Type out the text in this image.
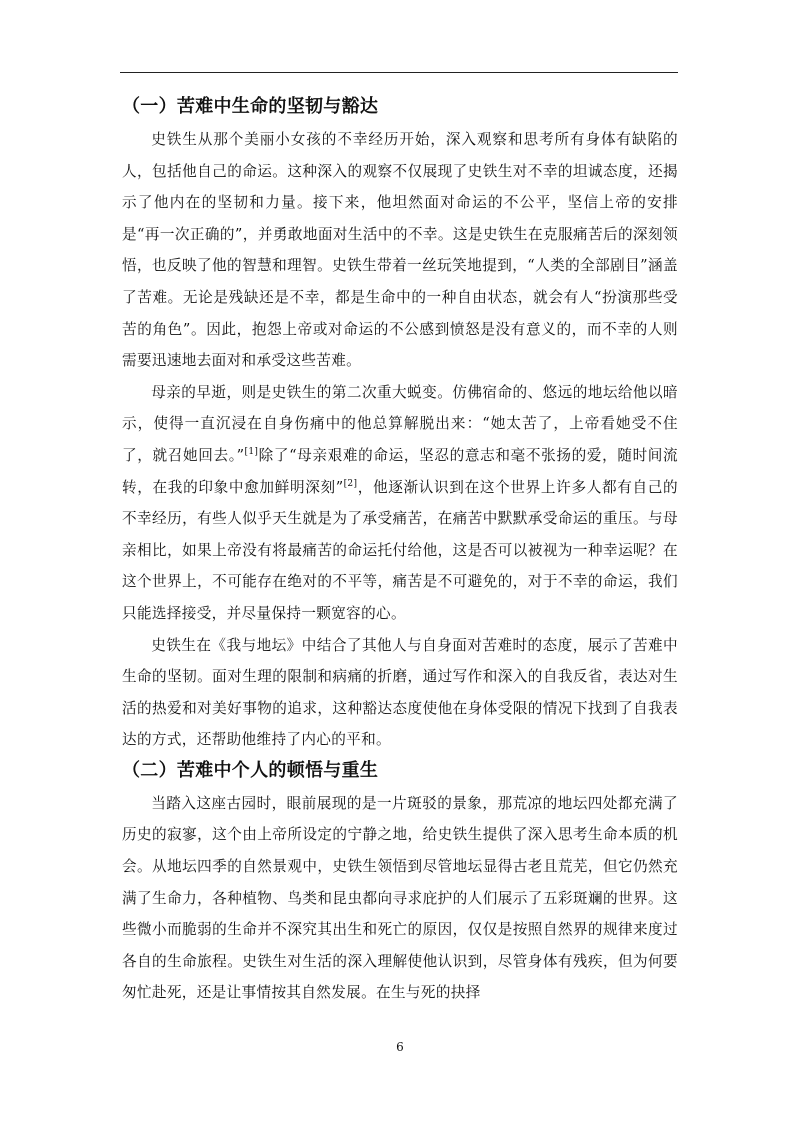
（一）苦难中生命的坚韧与豁达

史铁生从那个美丽小女孩的不幸经历开始，深入观察和思考所有身体有缺陷的人，包括他自己的命运。这种深入的观察不仅展现了史铁生对不幸的坦诚态度，还揭示了他内在的坚韧和力量。接下来，他坦然面对命运的不公平，坚信上帝的安排是“再一次正确的”，并勇敢地面对生活中的不幸。这是史铁生在克服痛苦后的深刻领悟，也反映了他的智慧和理智。史铁生带着一丝玩笑地提到，“人类的全部剧目”涵盖了苦难。无论是残缺还是不幸，都是生命中的一种自由状态，就会有人“扮演那些受苦的角色”。因此，抱怨上帝或对命运的不公感到愤怒是没有意义的，而不幸的人则需要迅速地去面对和承受这些苦难。

母亲的早逝，则是史铁生的第二次重大蜕变。仿佛宿命的、悠远的地坛给他以暗示，使得一直沉浸在自身伤痛中的他总算解脱出来：“她太苦了，上帝看她受不住了，就召她回去。”[1]除了“母亲艰难的命运，坚忍的意志和毫不张扬的爱，随时间流转，在我的印象中愈加鲜明深刻”[2]，他逐渐认识到在这个世界上许多人都有自己的不幸经历，有些人似乎天生就是为了承受痛苦，在痛苦中默默承受命运的重压。与母亲相比，如果上帝没有将最痛苦的命运托付给他，这是否可以被视为一种幸运呢？在这个世界上，不可能存在绝对的不平等，痛苦是不可避免的，对于不幸的命运，我们只能选择接受，并尽量保持一颗宽容的心。

史铁生在《我与地坛》中结合了其他人与自身面对苦难时的态度，展示了苦难中生命的坚韧。面对生理的限制和病痛的折磨，通过写作和深入的自我反省，表达对生活的热爱和对美好事物的追求，这种豁达态度使他在身体受限的情况下找到了自我表达的方式，还帮助他维持了内心的平和。

（二）苦难中个人的顿悟与重生

当踏入这座古园时，眼前展现的是一片斑驳的景象，那荒凉的地坛四处都充满了历史的寂寥，这个由上帝所设定的宁静之地，给史铁生提供了深入思考生命本质的机会。从地坛四季的自然景观中，史铁生领悟到尽管地坛显得古老且荒芜，但它仍然充满了生命力，各种植物、鸟类和昆虫都向寻求庇护的人们展示了五彩斑斓的世界。这些微小而脆弱的生命并不深究其出生和死亡的原因，仅仅是按照自然界的规律来度过各自的生命旅程。史铁生对生活的深入理解使他认识到，尽管身体有残疾，但为何要匆忙赴死，还是让事情按其自然发展。在生与死的抉择

6
